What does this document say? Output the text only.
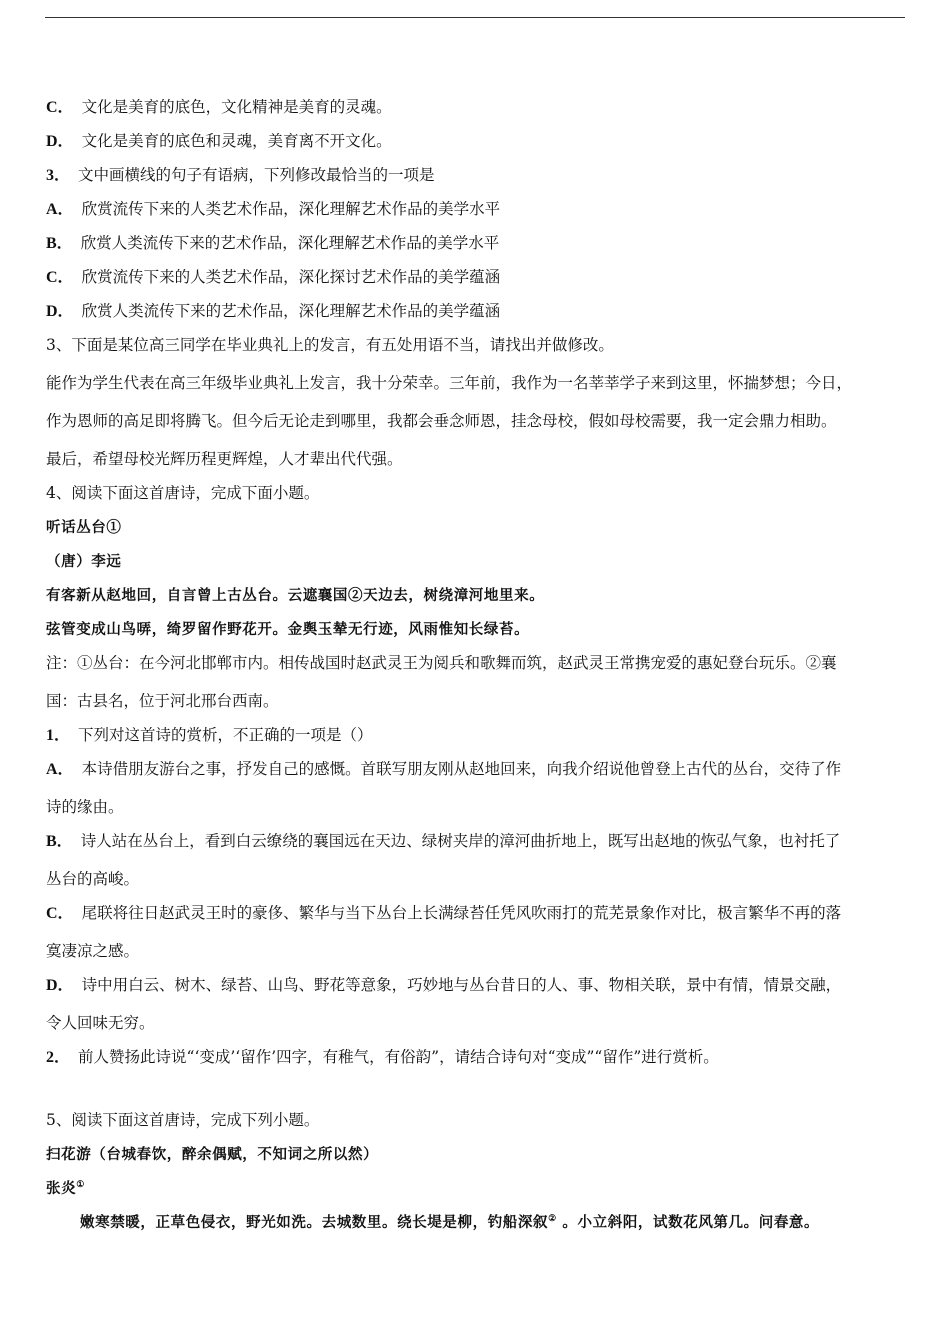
C． 文化是美育的底色，文化精神是美育的灵魂。

D． 文化是美育的底色和灵魂，美育离不开文化。

3． 文中画横线的句子有语病，下列修改最恰当的一项是

A． 欣赏流传下来的人类艺术作品，深化理解艺术作品的美学水平

B． 欣赏人类流传下来的艺术作品，深化理解艺术作品的美学水平

C． 欣赏流传下来的人类艺术作品，深化探讨艺术作品的美学蕴涵

D． 欣赏人类流传下来的艺术作品，深化理解艺术作品的美学蕴涵

3、下面是某位高三同学在毕业典礼上的发言，有五处用语不当，请找出并做修改。

能作为学生代表在高三年级毕业典礼上发言，我十分荣幸。三年前，我作为一名莘莘学子来到这里，怀揣梦想；今日，

作为恩师的高足即将腾飞。但今后无论走到哪里，我都会垂念师恩，挂念母校，假如母校需要，我一定会鼎力相助。

最后，希望母校光辉历程更辉煌，人才辈出代代强。

4、阅读下面这首唐诗，完成下面小题。

听话丛台①

（唐）李远

有客新从赵地回，自言曾上古丛台。云遮襄国②天边去，树绕漳河地里来。

弦管变成山鸟哢，绮罗留作野花开。金舆玉辇无行迹，风雨惟知长绿苔。

注：①丛台：在今河北邯郸市内。相传战国时赵武灵王为阅兵和歌舞而筑，赵武灵王常携宠爱的惠妃登台玩乐。②襄

国：古县名，位于河北邢台西南。

1． 下列对这首诗的赏析，不正确的一项是（）

A． 本诗借朋友游台之事，抒发自己的感慨。首联写朋友刚从赵地回来，向我介绍说他曾登上古代的丛台，交待了作

诗的缘由。

B． 诗人站在丛台上，看到白云缭绕的襄国远在天边、绿树夹岸的漳河曲折地上，既写出赵地的恢弘气象，也衬托了

丛台的高峻。

C． 尾联将往日赵武灵王时的豪侈、繁华与当下丛台上长满绿苔任凭风吹雨打的荒芜景象作对比，极言繁华不再的落

寞凄凉之感。

D． 诗中用白云、树木、绿苔、山鸟、野花等意象，巧妙地与丛台昔日的人、事、物相关联，景中有情，情景交融，

令人回味无穷。

2． 前人赞扬此诗说“‘变成’‘留作’四字，有稚气，有俗韵”，请结合诗句对“变成”“留作”进行赏析。

5、阅读下面这首唐诗，完成下列小题。

扫花游（台城春饮，醉余偶赋，不知词之所以然）

张炎①

嫩寒禁暖，正草色侵衣，野光如洗。去城数里。绕长堤是柳，钓船深叙② 。小立斜阳，试数花风第几。问春意。
